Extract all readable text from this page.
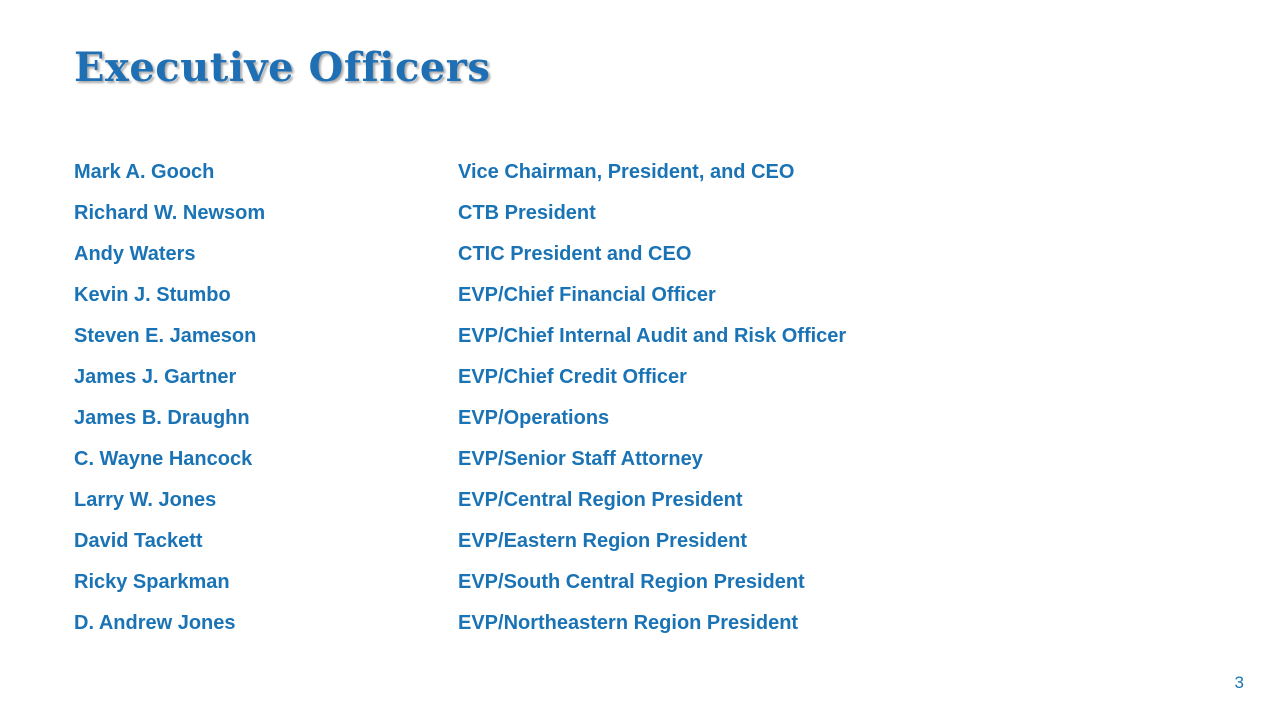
Executive Officers
Mark A. Gooch	Vice Chairman, President, and CEO
Richard W. Newsom	CTB President
Andy Waters	CTIC President and CEO
Kevin J. Stumbo	EVP/Chief Financial Officer
Steven E. Jameson	EVP/Chief Internal Audit and Risk Officer
James J. Gartner	EVP/Chief Credit Officer
James B. Draughn	EVP/Operations
C. Wayne Hancock	EVP/Senior Staff Attorney
Larry W. Jones	EVP/Central Region President
David Tackett	EVP/Eastern Region President
Ricky Sparkman	EVP/South Central Region President
D. Andrew Jones	EVP/Northeastern Region President
3
